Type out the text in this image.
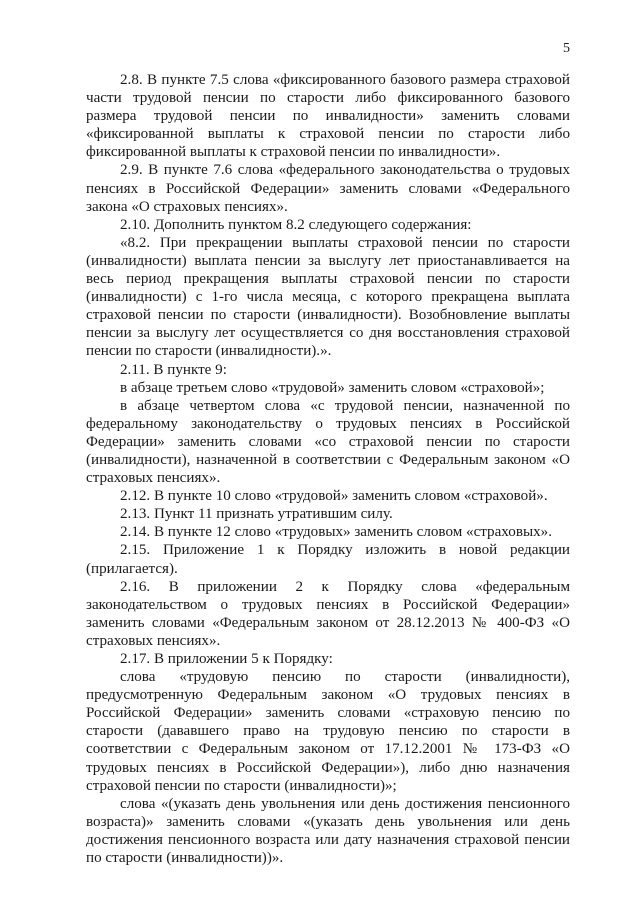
5

2.8. В пункте 7.5 слова «фиксированного базового размера страховой части трудовой пенсии по старости либо фиксированного базового размера трудовой пенсии по инвалидности» заменить словами «фиксированной выплаты к страховой пенсии по старости либо фиксированной выплаты к страховой пенсии по инвалидности».

2.9. В пункте 7.6 слова «федерального законодательства о трудовых пенсиях в Российской Федерации» заменить словами «Федерального закона «О страховых пенсиях».

2.10. Дополнить пунктом 8.2 следующего содержания:

«8.2. При прекращении выплаты страховой пенсии по старости (инвалидности) выплата пенсии за выслугу лет приостанавливается на весь период прекращения выплаты страховой пенсии по старости (инвалидности) с 1-го числа месяца, с которого прекращена выплата страховой пенсии по старости (инвалидности). Возобновление выплаты пенсии за выслугу лет осуществляется со дня восстановления страховой пенсии по старости (инвалидности).».

2.11. В пункте 9:

в абзаце третьем слово «трудовой» заменить словом «страховой»;

в абзаце четвертом слова «с трудовой пенсии, назначенной по федеральному законодательству о трудовых пенсиях в Российской Федерации» заменить словами «со страховой пенсии по старости (инвалидности), назначенной в соответствии с Федеральным законом «О страховых пенсиях».

2.12. В пункте 10 слово «трудовой» заменить словом «страховой».

2.13. Пункт 11 признать утратившим силу.

2.14. В пункте 12 слово «трудовых» заменить словом «страховых».

2.15. Приложение 1 к Порядку изложить в новой редакции (прилагается).

2.16. В приложении 2 к Порядку слова «федеральным законодательством о трудовых пенсиях в Российской Федерации» заменить словами «Федеральным законом от 28.12.2013 № 400-ФЗ «О страховых пенсиях».

2.17. В приложении 5 к Порядку:

слова «трудовую пенсию по старости (инвалидности), предусмотренную Федеральным законом «О трудовых пенсиях в Российской Федерации» заменить словами «страховую пенсию по старости (дававшего право на трудовую пенсию по старости в соответствии с Федеральным законом от 17.12.2001 № 173-ФЗ «О трудовых пенсиях в Российской Федерации»), либо дню назначения страховой пенсии по старости (инвалидности)»;

слова «(указать день увольнения или день достижения пенсионного возраста)» заменить словами «(указать день увольнения или день достижения пенсионного возраста или дату назначения страховой пенсии по старости (инвалидности))».
